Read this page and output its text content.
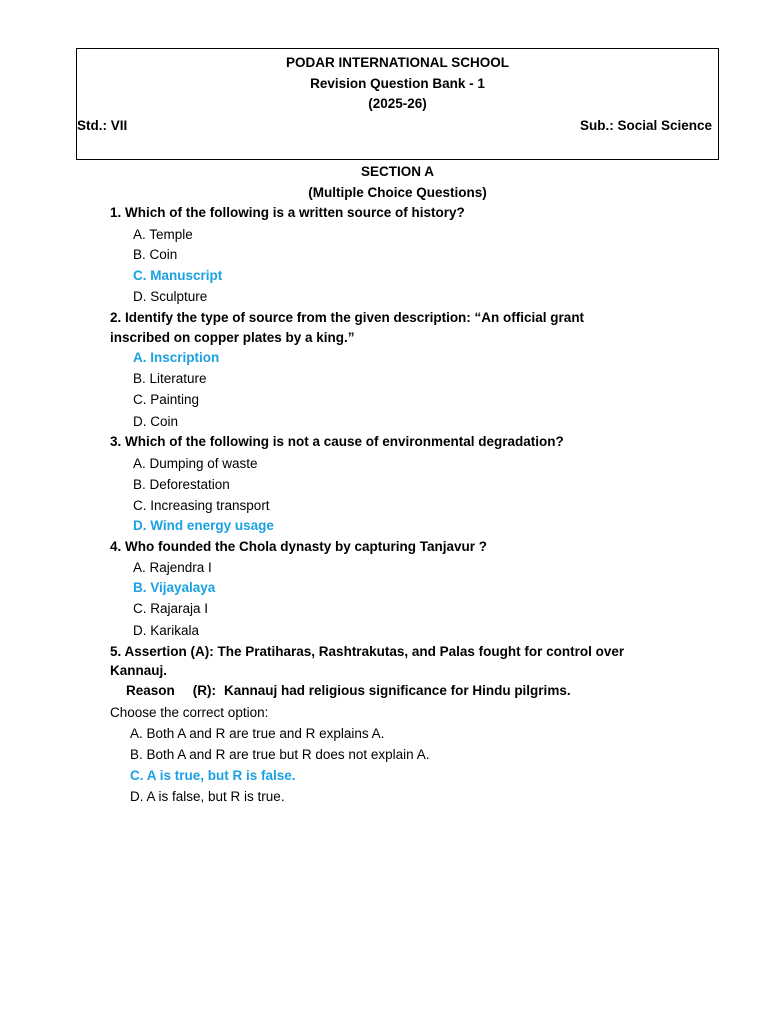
PODAR INTERNATIONAL SCHOOL
Revision Question Bank - 1
(2025-26)
Std.: VII	Sub.: Social Science
SECTION A
(Multiple Choice Questions)
1. Which of the following is a written source of history?
A. Temple
B. Coin
C. Manuscript
D. Sculpture
2. Identify the type of source from the given description: “An official grant
inscribed on copper plates by a king.”
A. Inscription
B. Literature
C. Painting
D. Coin
3. Which of the following is not a cause of environmental degradation?
A. Dumping of waste
B. Deforestation
C. Increasing transport
D. Wind energy usage
4. Who founded the Chola dynasty by capturing Tanjavur ?
A. Rajendra I
B. Vijayalaya
C. Rajaraja I
D. Karikala
5. Assertion (A): The Pratiharas, Rashtrakutas, and Palas fought for control over
Kannauj.
Reason (R): Kannauj had religious significance for Hindu pilgrims.
Choose the correct option:
A. Both A and R are true and R explains A.
B. Both A and R are true but R does not explain A.
C. A is true, but R is false.
D. A is false, but R is true.
